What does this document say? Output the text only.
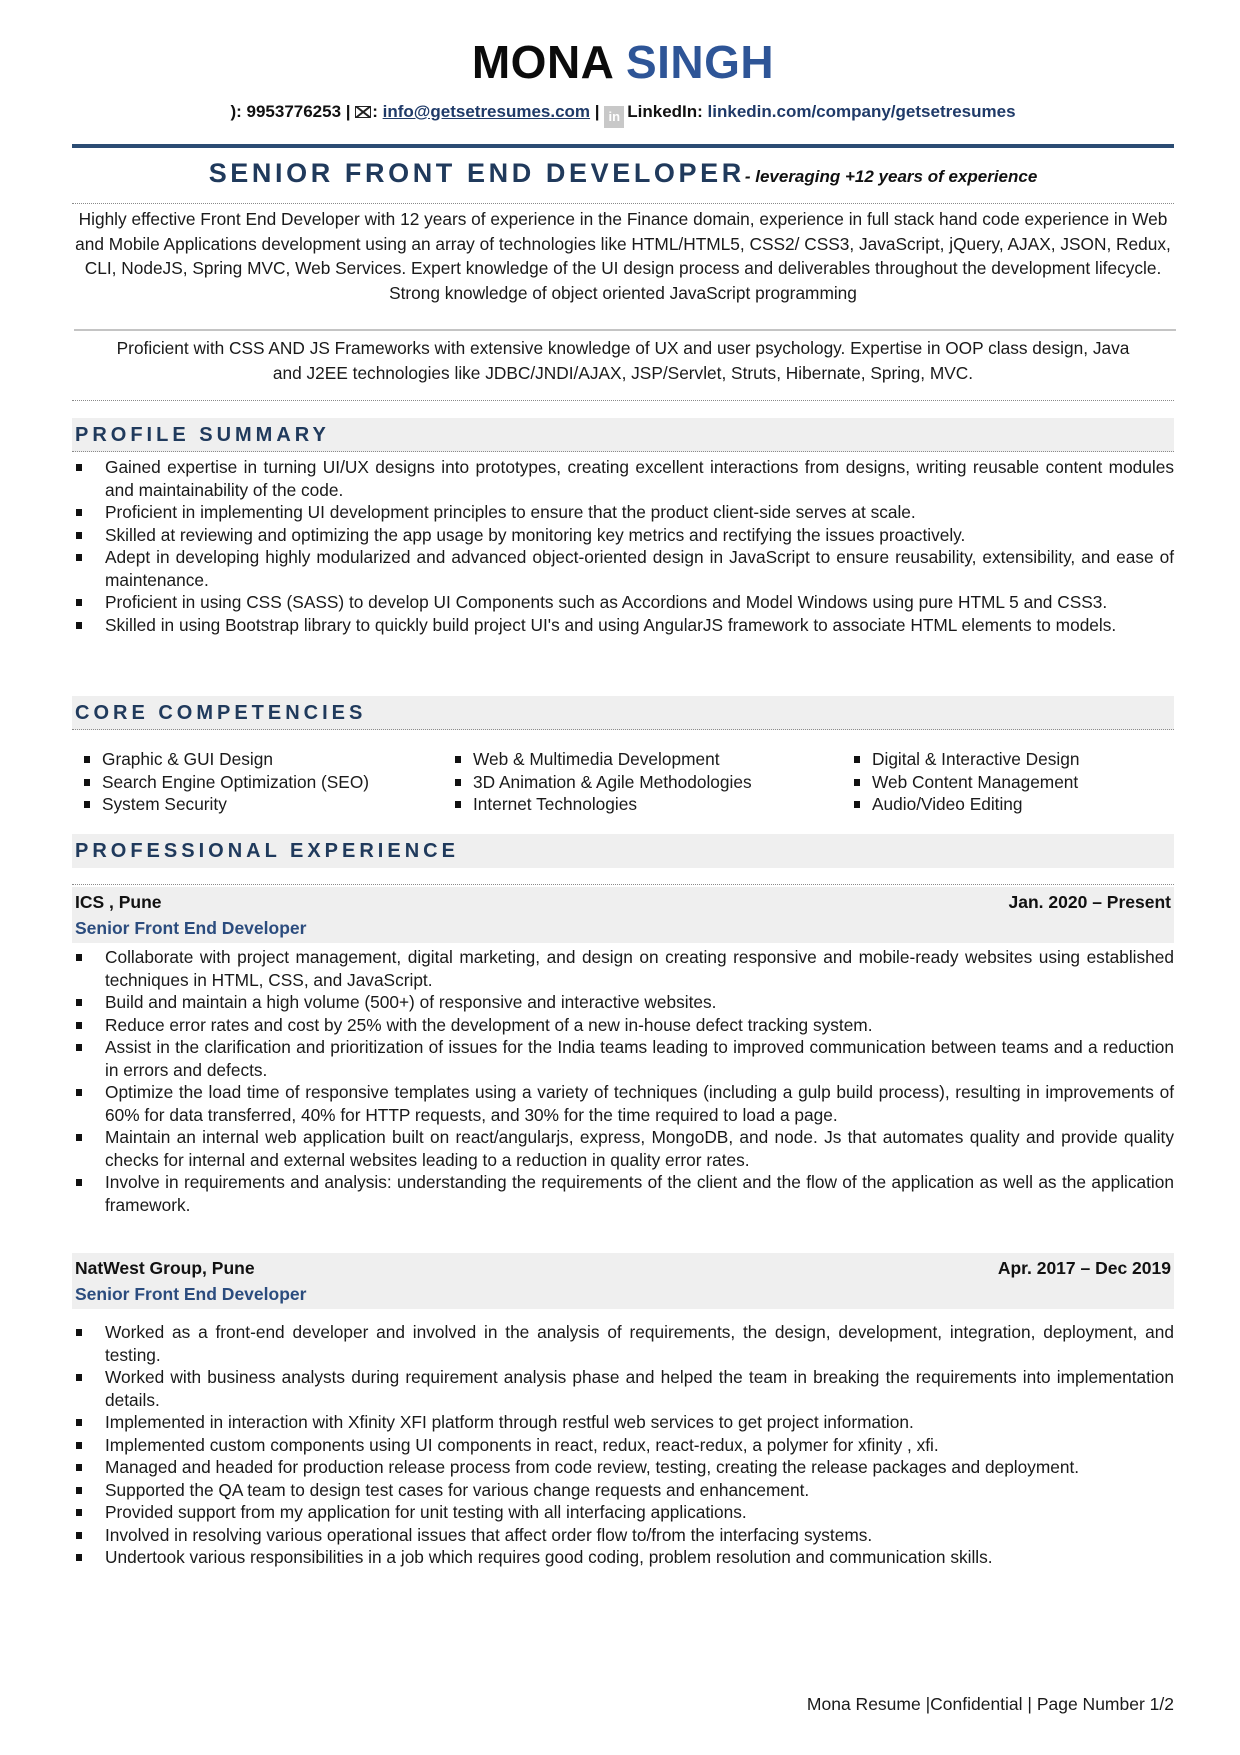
MONA SINGH
): 9953776253 | : info@getsetresumes.com | in LinkedIn: linkedin.com/company/getsetresumes
SENIOR FRONT END DEVELOPER- leveraging +12 years of experience

Highly effective Front End Developer with 12 years of experience in the Finance domain, experience in full stack hand code experience in Web and Mobile Applications development using an array of technologies like HTML/HTML5, CSS2/ CSS3, JavaScript, jQuery, AJAX, JSON, Redux, CLI, NodeJS, Spring MVC, Web Services. Expert knowledge of the UI design process and deliverables throughout the development lifecycle. Strong knowledge of object oriented JavaScript programming

Proficient with CSS AND JS Frameworks with extensive knowledge of UX and user psychology. Expertise in OOP class design, Java and J2EE technologies like JDBC/JNDI/AJAX, JSP/Servlet, Struts, Hibernate, Spring, MVC.

PROFILE SUMMARY
Gained expertise in turning UI/UX designs into prototypes, creating excellent interactions from designs, writing reusable content modules and maintainability of the code.
Proficient in implementing UI development principles to ensure that the product client-side serves at scale.
Skilled at reviewing and optimizing the app usage by monitoring key metrics and rectifying the issues proactively.
Adept in developing highly modularized and advanced object-oriented design in JavaScript to ensure reusability, extensibility, and ease of maintenance.
Proficient in using CSS (SASS) to develop UI Components such as Accordions and Model Windows using pure HTML 5 and CSS3.
Skilled in using Bootstrap library to quickly build project UI's and using AngularJS framework to associate HTML elements to models.
CORE COMPETENCIES
Graphic & GUI Design
Search Engine Optimization (SEO)
System Security
Web & Multimedia Development
3D Animation & Agile Methodologies
Internet Technologies
Digital & Interactive Design
Web Content Management
Audio/Video Editing
PROFESSIONAL EXPERIENCE
ICS , Pune	Jan. 2020 – Present
Senior Front End Developer
Collaborate with project management, digital marketing, and design on creating responsive and mobile-ready websites using established techniques in HTML, CSS, and JavaScript.
Build and maintain a high volume (500+) of responsive and interactive websites.
Reduce error rates and cost by 25% with the development of a new in-house defect tracking system.
Assist in the clarification and prioritization of issues for the India teams leading to improved communication between teams and a reduction in errors and defects.
Optimize the load time of responsive templates using a variety of techniques (including a gulp build process), resulting in improvements of 60% for data transferred, 40% for HTTP requests, and 30% for the time required to load a page.
Maintain an internal web application built on react/angularjs, express, MongoDB, and node. Js that automates quality and provide quality checks for internal and external websites leading to a reduction in quality error rates.
Involve in requirements and analysis: understanding the requirements of the client and the flow of the application as well as the application framework.
NatWest Group, Pune	Apr. 2017 – Dec 2019
Senior Front End Developer
Worked as a front-end developer and involved in the analysis of requirements, the design, development, integration, deployment, and testing.
Worked with business analysts during requirement analysis phase and helped the team in breaking the requirements into implementation details.
Implemented in interaction with Xfinity XFI platform through restful web services to get project information.
Implemented custom components using UI components in react, redux, react-redux, a polymer for xfinity , xfi.
Managed and headed for production release process from code review, testing, creating the release packages and deployment.
Supported the QA team to design test cases for various change requests and enhancement.
Provided support from my application for unit testing with all interfacing applications.
Involved in resolving various operational issues that affect order flow to/from the interfacing systems.
Undertook various responsibilities in a job which requires good coding, problem resolution and communication skills.
Mona Resume |Confidential | Page Number 1/2
